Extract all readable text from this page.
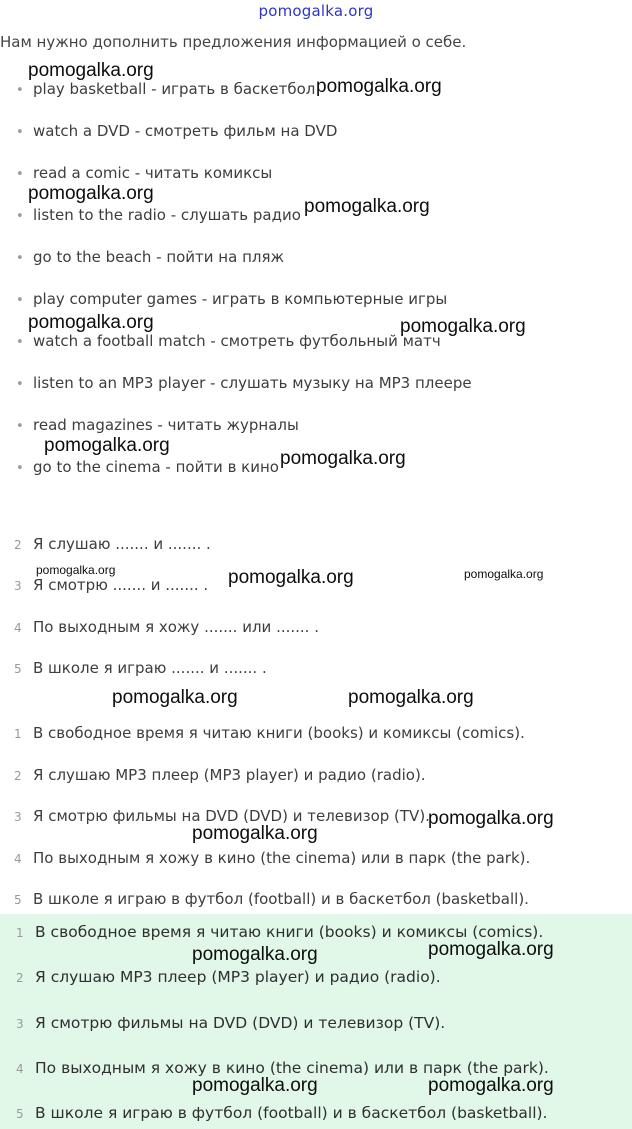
pomogalka.org
Нам нужно дополнить предложения информацией о себе.
• play basketball - играть в баскетбол
• watch a DVD - смотреть фильм на DVD
• read a comic - читать комиксы
• listen to the radio - слушать радио
• go to the beach - пойти на пляж
• play computer games - играть в компьютерные игры
• watch a football match - смотреть футбольный матч
• listen to an MP3 player - слушать музыку на MP3 плеере
• read magazines - читать журналы
• go to the cinema - пойти в кино
2 Я слушаю ....... и ....... .
3 Я смотрю ....... и ....... .
4 По выходным я хожу ....... или ....... .
5 В школе я играю ....... и ....... .
1 В свободное время я читаю книги (books) и комиксы (comics).
2 Я слушаю MP3 плеер (MP3 player) и радио (radio).
3 Я смотрю фильмы на DVD (DVD) и телевизор (TV).
4 По выходным я хожу в кино (the cinema) или в парк (the park).
5 В школе я играю в футбол (football) и в баскетбол (basketball).
1 В свободное время я читаю книги (books) и комиксы (comics).
2 Я слушаю MP3 плеер (MP3 player) и радио (radio).
3 Я смотрю фильмы на DVD (DVD) и телевизор (TV).
4 По выходным я хожу в кино (the cinema) или в парк (the park).
5 В школе я играю в футбол (football) и в баскетбол (basketball).
pomogalka.org
pomogalka.org
pomogalka.org
pomogalka.org
pomogalka.org	pomogalka.org
pomogalka.org
pomogalka.org
pomogalka.org	pomogalka.org	pomogalka.org
pomogalka.org	pomogalka.org
pomogalka.org
pomogalka.org
pomogalka.org
pomogalka.org
pomogalka.org	pomogalka.org
